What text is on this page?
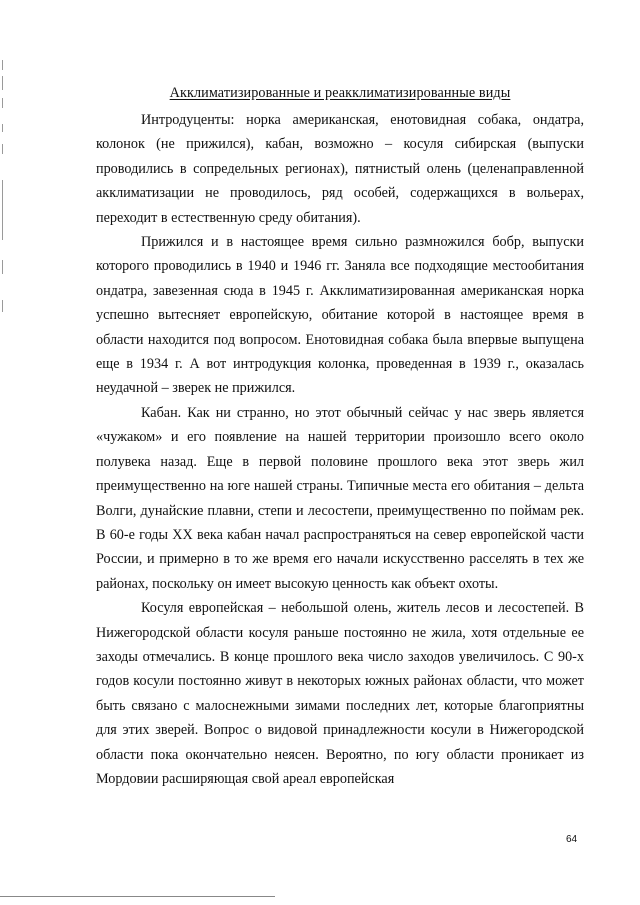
Акклиматизированные и реакклиматизированные виды

Интродуценты: норка американская, енотовидная собака, ондатра, колонок (не прижился), кабан, возможно – косуля сибирская (выпуски проводились в сопредельных регионах), пятнистый олень (целенаправленной акклиматизации не проводилось, ряд особей, содержащихся в вольерах, переходит в естественную среду обитания).

Прижился и в настоящее время сильно размножился бобр, выпуски которого проводились в 1940 и 1946 гг. Заняла все подходящие местообитания ондатра, завезенная сюда в 1945 г. Акклиматизированная американская норка успешно вытесняет европейскую, обитание которой в настоящее время в области находится под вопросом. Енотовидная собака была впервые выпущена еще в 1934 г. А вот интродукция колонка, проведенная в 1939 г., оказалась неудачной – зверек не прижился.

Кабан. Как ни странно, но этот обычный сейчас у нас зверь является «чужаком» и его появление на нашей территории произошло всего около полувека назад. Еще в первой половине прошлого века этот зверь жил преимущественно на юге нашей страны. Типичные места его обитания – дельта Волги, дунайские плавни, степи и лесостепи, преимущественно по поймам рек. В 60-е годы XX века кабан начал распространяться на север европейской части России, и примерно в то же время его начали искусственно расселять в тех же районах, поскольку он имеет высокую ценность как объект охоты.

Косуля европейская – небольшой олень, житель лесов и лесостепей. В Нижегородской области косуля раньше постоянно не жила, хотя отдельные ее заходы отмечались. В конце прошлого века число заходов увеличилось. С 90-х годов косули постоянно живут в некоторых южных районах области, что может быть связано с малоснежными зимами последних лет, которые благоприятны для этих зверей. Вопрос о видовой принадлежности косули в Нижегородской области пока окончательно неясен. Вероятно, по югу области проникает из Мордовии расширяющая свой ареал европейская

64
